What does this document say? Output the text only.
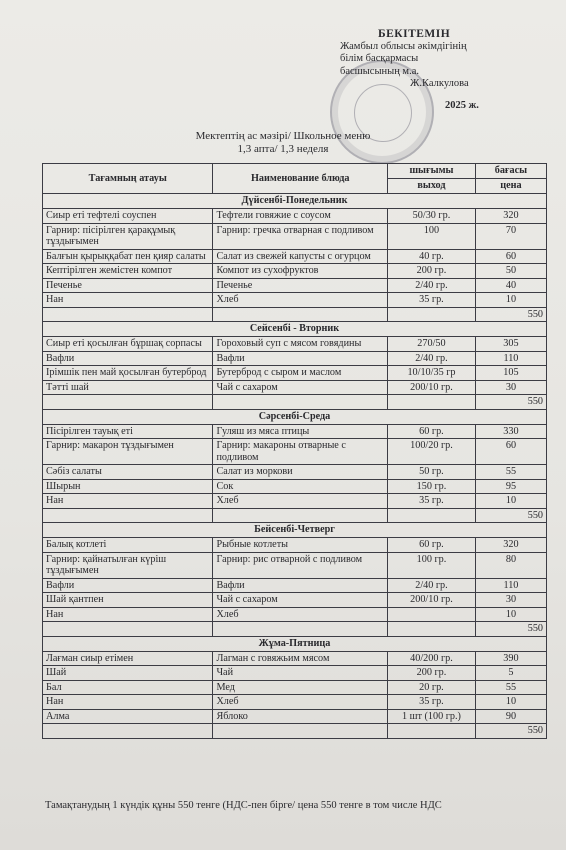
БЕКІТЕМІН
Жамбыл облысы әкімдігінің
білім басқармасы
басшысының м.а.
Ж.Калкулова
2025 ж.
Мектептің ас мәзірі/ Школьное меню
1,3 апта/ 1,3 неделя
Тағамның атауы	Наименование блюда	шығымы	бағасы
		выход	цена
Дүйсенбі-Понедельник			
Сиыр еті тефтелі соуспен	Тефтели говяжие с соусом	50/30 гр.	320
Гарнир: пісірілген қарақұмық тұздығымен	Гарнир: гречка отварная с подливом	100	70
Балғын қырыққабат пен қияр салаты	Салат из свежей капусты с огурцом	40 гр.	60
Кептірілген жемістен компот	Компот из сухофруктов	200 гр.	50
Печенье	Печенье	2/40 гр.	40
Нан	Хлеб	35 гр.	10
			550
Сейсенбі - Вторник			
Сиыр еті қосылған бұршақ сорпасы	Гороховый суп с мясом говядины	270/50	305
Вафли	Вафли	2/40 гр.	110
Ірімшік пен май қосылған бутерброд	Бутерброд с сыром и маслом	10/10/35 гр	105
Тәтті шай	Чай с сахаром	200/10 гр.	30
			550
Сәрсенбі-Среда			
Пісірілген тауық еті	Гуляш из мяса птицы	60 гр.	330
Гарнир: макарон тұздығымен	Гарнир: макароны отварные с подливом	100/20 гр.	60
Сәбіз салаты	Салат из моркови	50 гр.	55
Шырын	Сок	150 гр.	95
Нан	Хлеб	35 гр.	10
			550
Бейсенбі-Четверг			
Балық котлеті	Рыбные котлеты	60 гр.	320
Гарнир: қайнатылған күріш тұздығымен	Гарнир: рис отварной с подливом	100 гр.	80
Вафли	Вафли	2/40 гр.	110
Шай қантпен	Чай с сахаром	200/10 гр.	30
Нан	Хлеб		10
			550
Жұма-Пятница			
Лағман сиыр етімен	Лагман с говяжьим мясом	40/200 гр.	390
Шай	Чай	200 гр.	5
Бал	Мед	20 гр.	55
Нан	Хлеб	35 гр.	10
Алма	Яблоко	1 шт (100 гр.)	90
			550
Тамақтанудың 1 күндік құны 550 тенге (НДС-пен бірге/ цена 550 тенге в том числе НДС
